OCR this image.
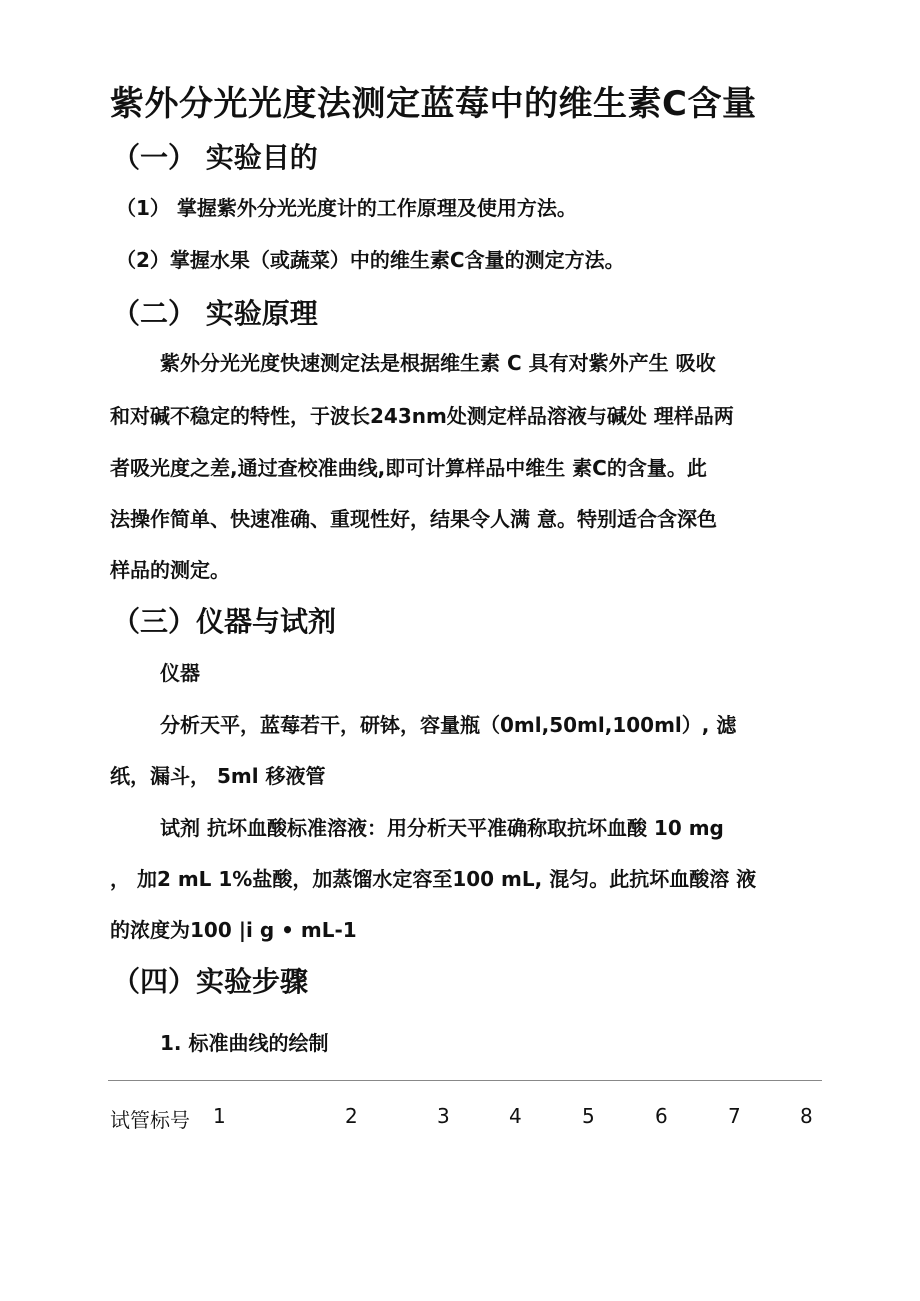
紫外分光光度法测定蓝莓中的维生素C含量
（一） 实验目的
（1） 掌握紫外分光光度计的工作原理及使用方法。
（2）掌握水果（或蔬菜）中的维生素C含量的测定方法。
（二） 实验原理
紫外分光光度快速测定法是根据维生素 C 具有对紫外产生 吸收
和对碱不稳定的特性，于波长243nm处测定样品溶液与碱处 理样品两
者吸光度之差,通过查校准曲线,即可计算样品中维生 素C的含量。此
法操作简单、快速准确、重现性好，结果令人满 意。特别适合含深色
样品的测定。
（三）仪器与试剂
仪器
分析天平，蓝莓若干，研钵，容量瓶（0ml,50ml,100ml）, 滤
纸，漏斗， 5ml 移液管
试剂 抗坏血酸标准溶液：用分析天平准确称取抗坏血酸 10 mg
， 加2 mL 1%盐酸，加蒸馏水定容至100 mL, 混匀。此抗坏血酸溶 液
的浓度为100 |i g • mL-1
（四）实验步骤
1. 标准曲线的绘制
试管标号 1	2	3	4	5	6	7	8
